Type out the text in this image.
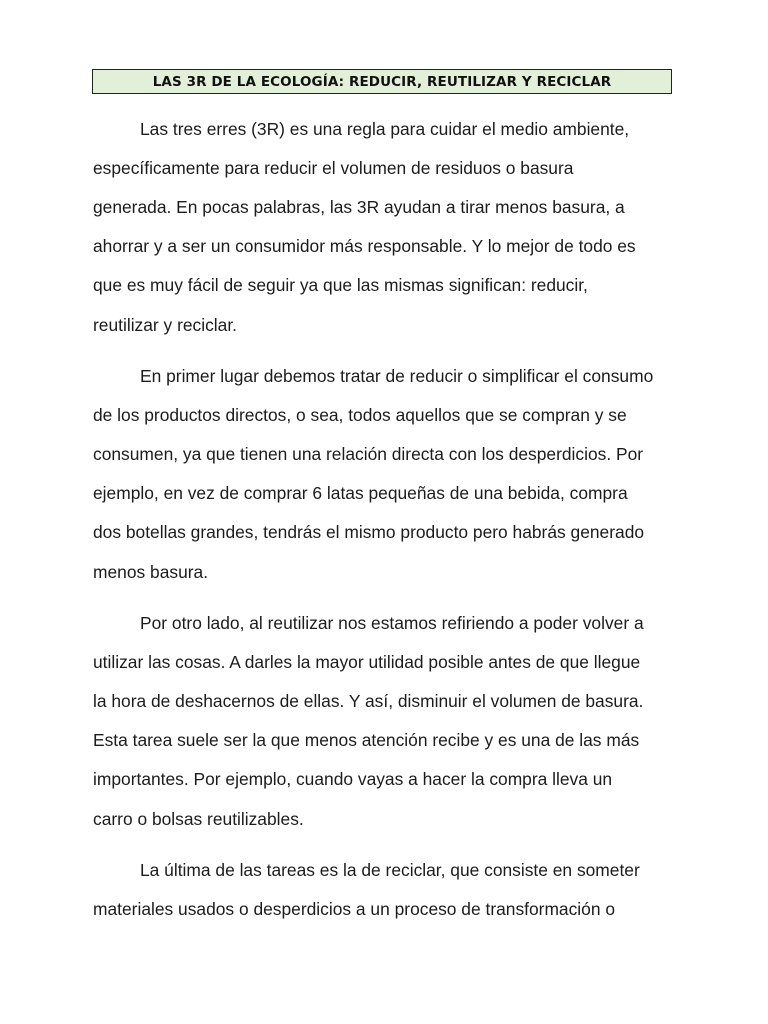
LAS 3R DE LA ECOLOGÍA: REDUCIR, REUTILIZAR Y RECICLAR
Las tres erres (3R) es una regla para cuidar el medio ambiente,
específicamente para reducir el volumen de residuos o basura
generada. En pocas palabras, las 3R ayudan a tirar menos basura, a
ahorrar y a ser un consumidor más responsable. Y lo mejor de todo es
que es muy fácil de seguir ya que las mismas significan: reducir,
reutilizar y reciclar.
En primer lugar debemos tratar de reducir o simplificar el consumo
de los productos directos, o sea, todos aquellos que se compran y se
consumen, ya que tienen una relación directa con los desperdicios. Por
ejemplo, en vez de comprar 6 latas pequeñas de una bebida, compra
dos botellas grandes, tendrás el mismo producto pero habrás generado
menos basura.
Por otro lado, al reutilizar nos estamos refiriendo a poder volver a
utilizar las cosas. A darles la mayor utilidad posible antes de que llegue
la hora de deshacernos de ellas. Y así, disminuir el volumen de basura.
Esta tarea suele ser la que menos atención recibe y es una de las más
importantes. Por ejemplo, cuando vayas a hacer la compra lleva un
carro o bolsas reutilizables.
La última de las tareas es la de reciclar, que consiste en someter
materiales usados o desperdicios a un proceso de transformación o
